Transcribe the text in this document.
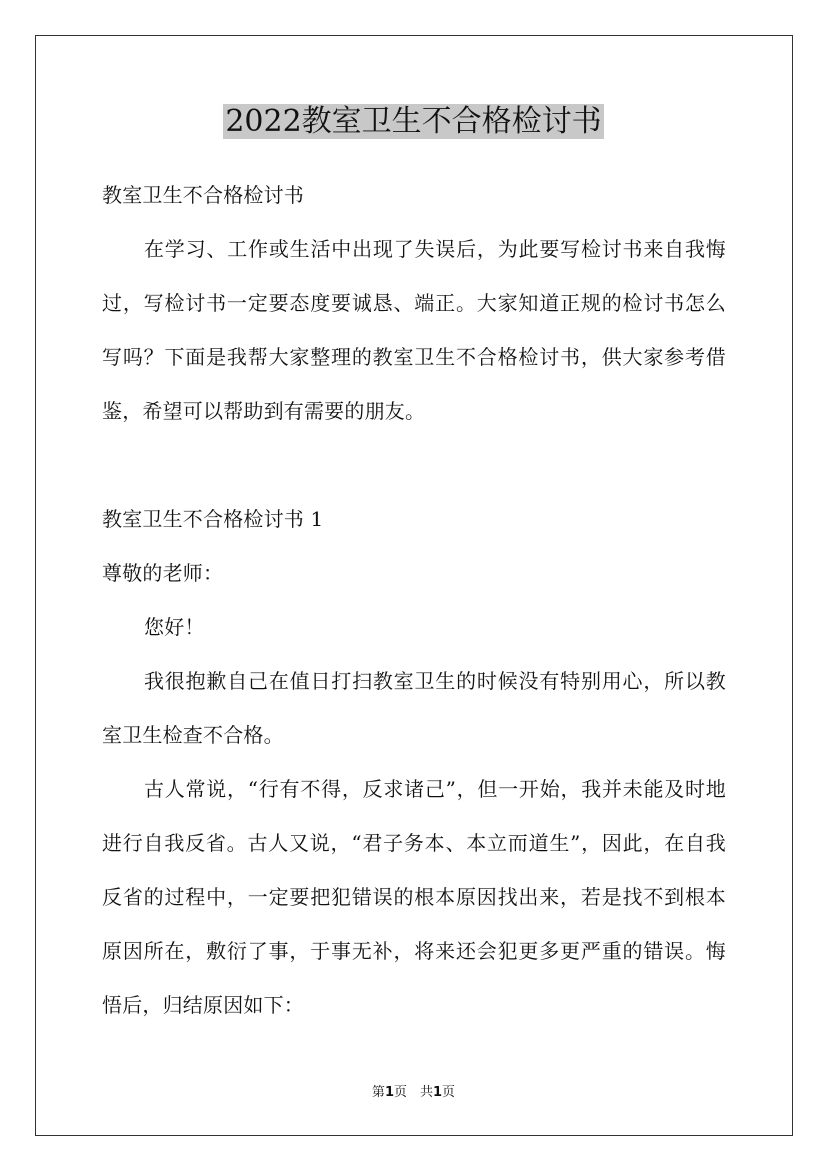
2022教室卫生不合格检讨书

教室卫生不合格检讨书

在学习、工作或生活中出现了失误后，为此要写检讨书来自我悔过，写检讨书一定要态度要诚恳、端正。大家知道正规的检讨书怎么写吗？下面是我帮大家整理的教室卫生不合格检讨书，供大家参考借鉴，希望可以帮助到有需要的朋友。

教室卫生不合格检讨书 1

尊敬的老师：

您好！

我很抱歉自己在值日打扫教室卫生的时候没有特别用心，所以教室卫生检查不合格。

古人常说，“行有不得，反求诸己”，但一开始，我并未能及时地进行自我反省。古人又说，“君子务本、本立而道生”，因此，在自我反省的过程中，一定要把犯错误的根本原因找出来，若是找不到根本原因所在，敷衍了事，于事无补，将来还会犯更多更严重的错误。悔悟后，归结原因如下：

第1页　共1页
